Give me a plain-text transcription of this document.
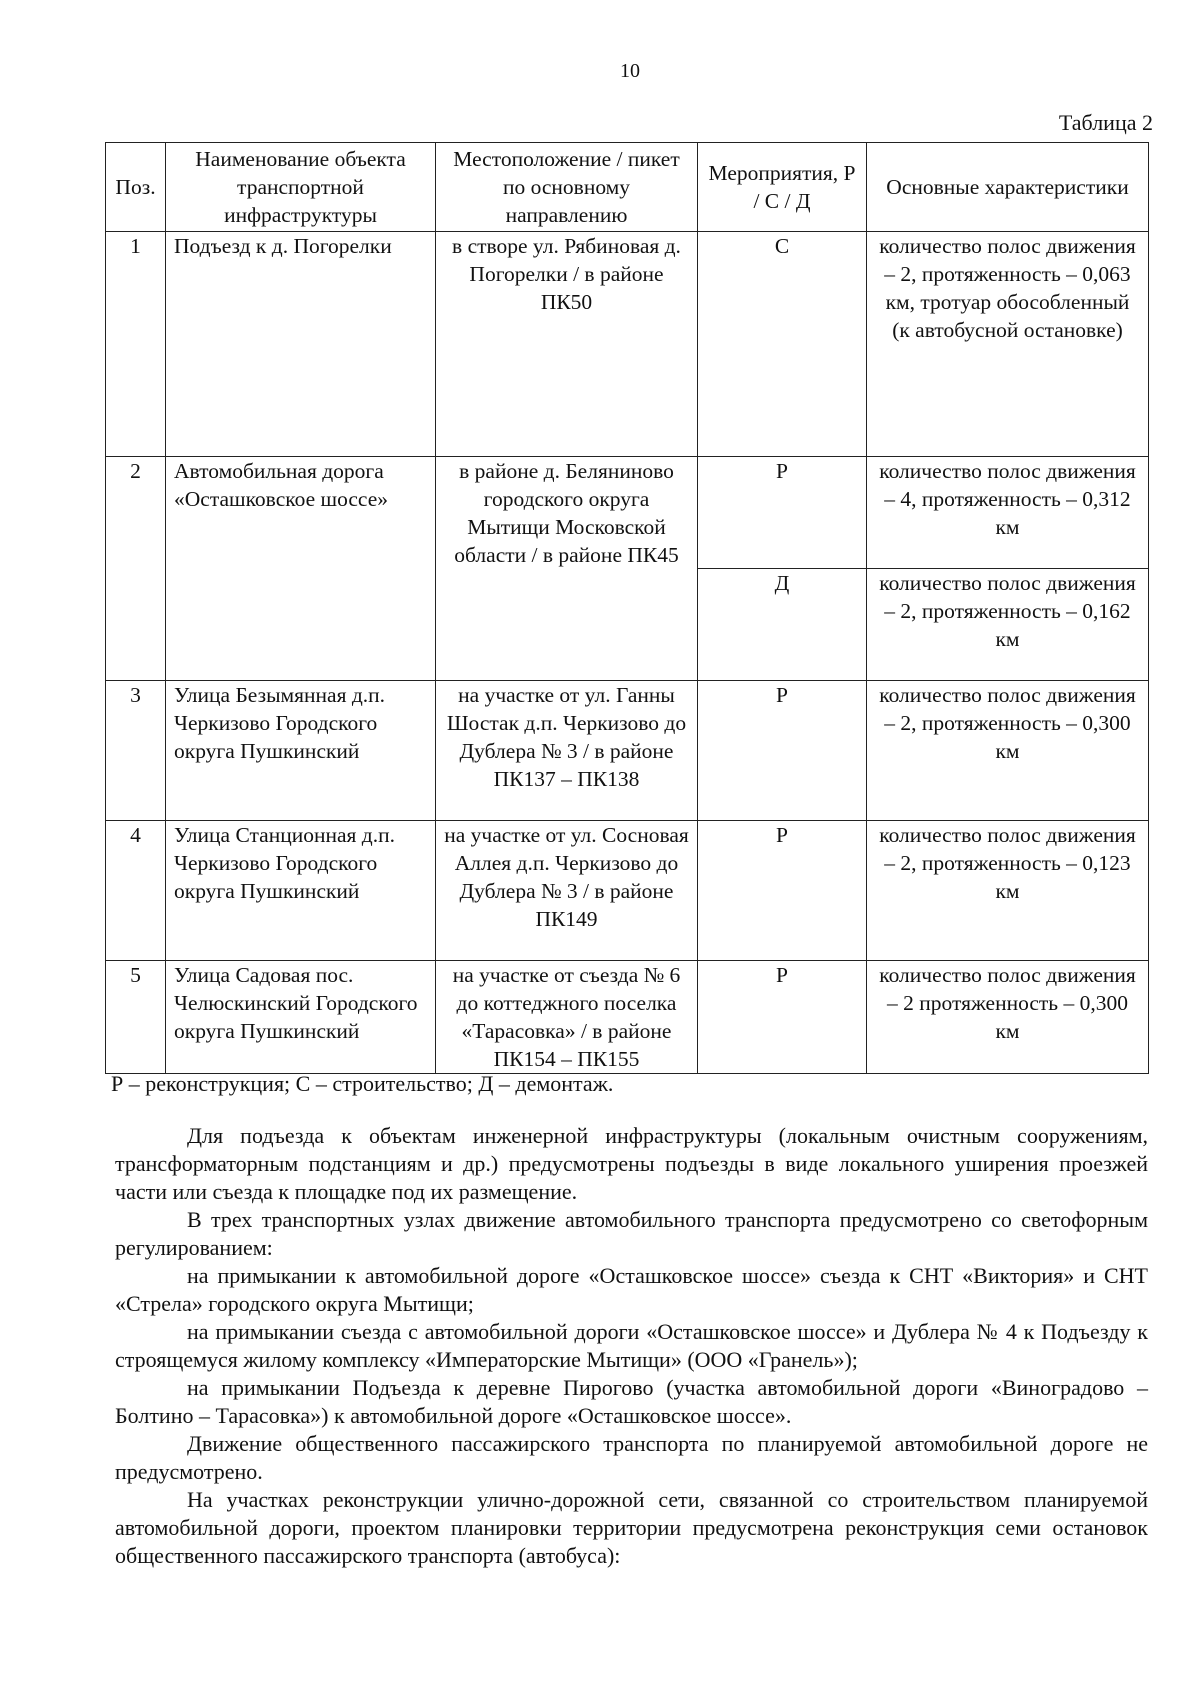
10
Таблица 2
Поз.	Наименование объекта транспортной инфраструктуры	Местоположение / пикет по основному направлению	Мероприятия, Р / С / Д	Основные характеристики
1	Подъезд к д. Погорелки	в створе ул. Рябиновая д. Погорелки / в районе ПК50	С	количество полос движения – 2, протяженность – 0,063 км, тротуар обособленный (к автобусной остановке)
2	Автомобильная дорога «Осташковское шоссе»	в районе д. Белянинoво городского округа Мытищи Московской области / в районе ПК45	Р	количество полос движения – 4, протяженность – 0,312 км
			Д	количество полос движения – 2, протяженность – 0,162 км
3	Улица Безымянная д.п. Черкизово Городского округа Пушкинский	на участке от ул. Ганны Шостак д.п. Черкизово до Дублера № 3 / в районе ПК137 – ПК138	Р	количество полос движения – 2, протяженность – 0,300 км
4	Улица Станционная д.п. Черкизово Городского округа Пушкинский	на участке от ул. Сосновая Аллея д.п. Черкизово до Дублера № 3 / в районе ПК149	Р	количество полос движения – 2, протяженность – 0,123 км
5	Улица Садовая пос. Челюскинский Городского округа Пушкинский	на участке от съезда № 6 до коттеджного поселка «Тарасовка» / в районе ПК154 – ПК155	Р	количество полос движения – 2 протяженность – 0,300 км
Р – реконструкция; С – строительство; Д – демонтаж.

Для подъезда к объектам инженерной инфраструктуры (локальным очистным сооружениям, трансформаторным подстанциям и др.) предусмотрены подъезды в виде локального уширения проезжей части или съезда к площадке под их размещение.

В трех транспортных узлах движение автомобильного транспорта предусмотрено со светофорным регулированием:

на примыкании к автомобильной дороге «Осташковское шоссе» съезда к СНТ «Виктория» и СНТ «Стрела» городского округа Мытищи;

на примыкании съезда с автомобильной дороги «Осташковское шоссе» и Дублера № 4 к Подъезду к строящемуся жилому комплексу «Императорские Мытищи» (ООО «Гранель»);

на примыкании Подъезда к деревне Пирогово (участка автомобильной дороги «Виноградово – Болтино – Тарасовка») к автомобильной дороге «Осташковское шоссе».

Движение общественного пассажирского транспорта по планируемой автомобильной дороге не предусмотрено.

На участках реконструкции улично-дорожной сети, связанной со строительством планируемой автомобильной дороги, проектом планировки территории предусмотрена реконструкция семи остановок общественного пассажирского транспорта (автобуса):
